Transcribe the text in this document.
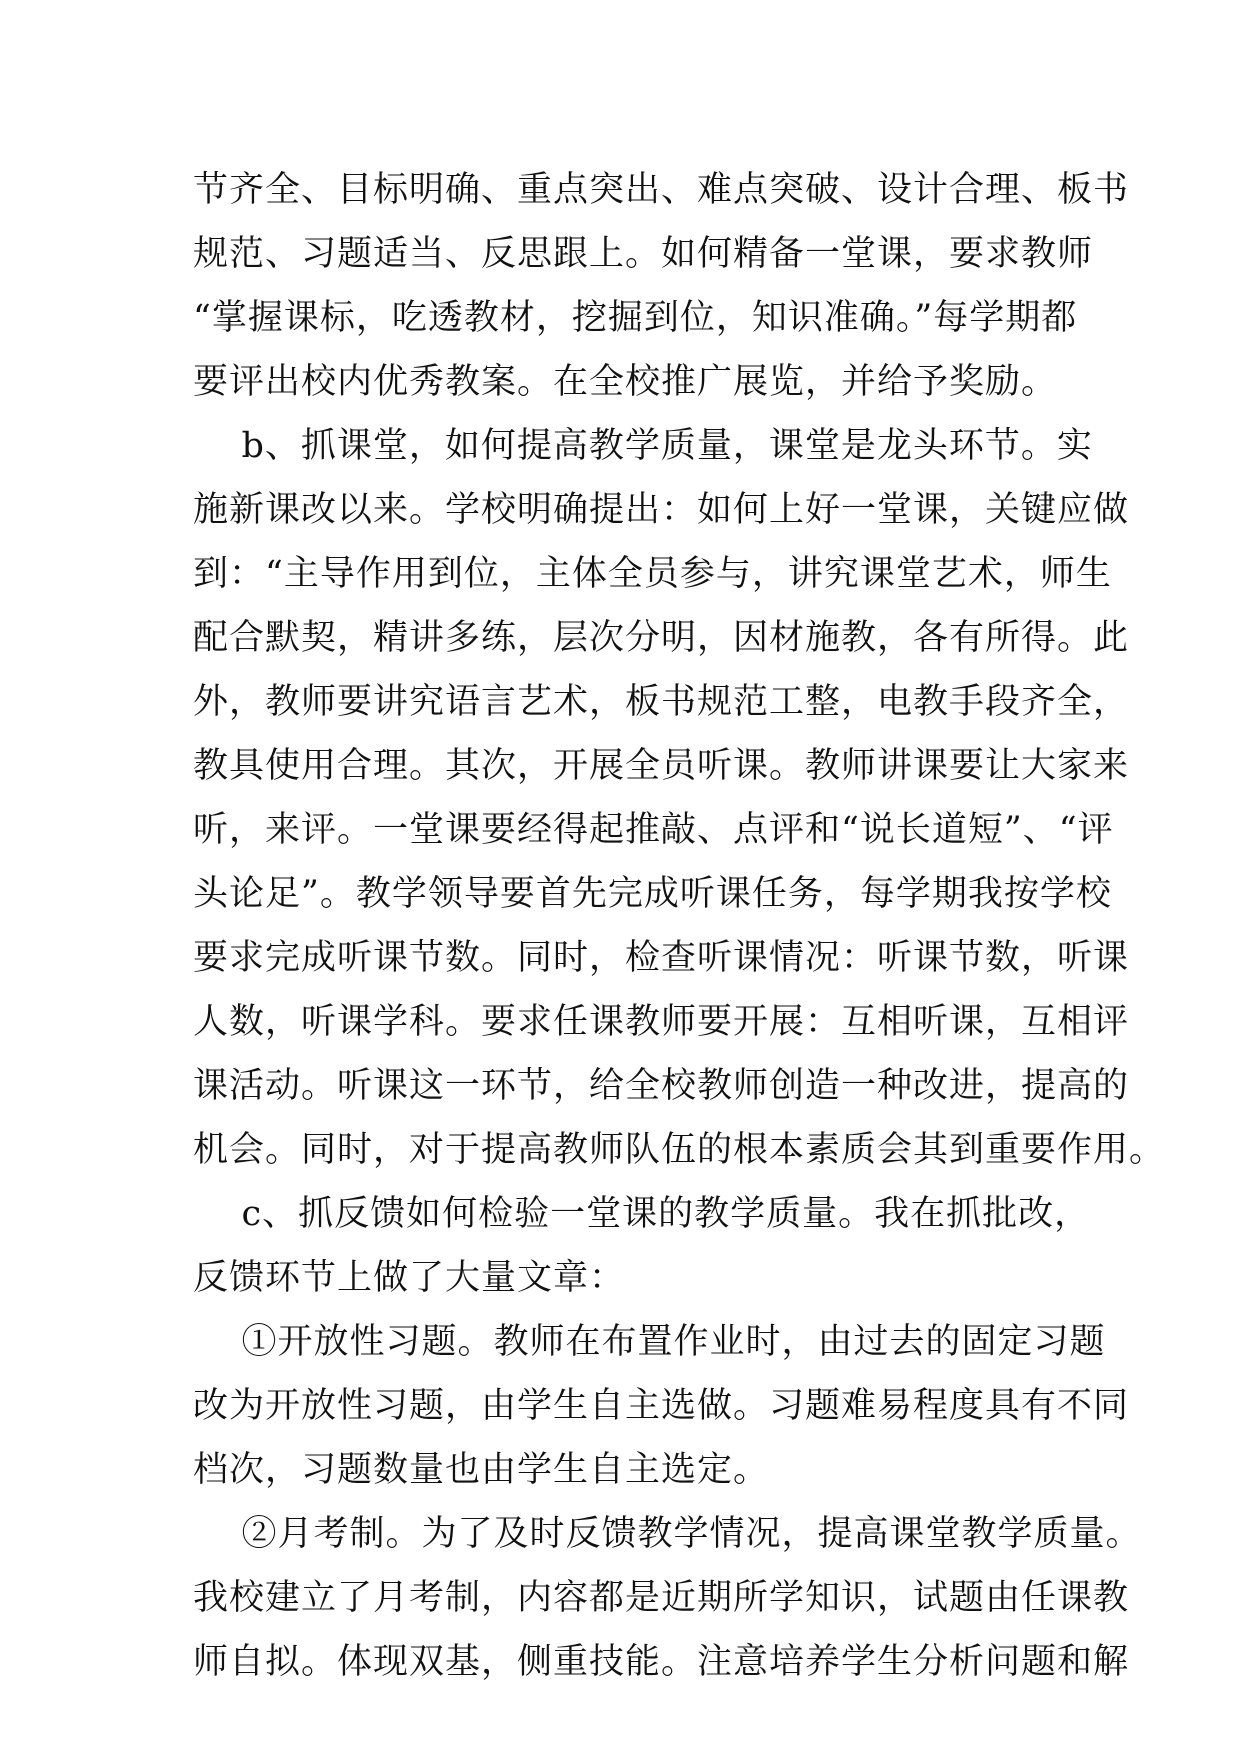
节齐全、目标明确、重点突出、难点突破、设计合理、板书
规范、习题适当、反思跟上。如何精备一堂课，要求教师
“掌握课标，吃透教材，挖掘到位，知识准确。”每学期都
要评出校内优秀教案。在全校推广展览，并给予奖励。
b、抓课堂，如何提高教学质量，课堂是龙头环节。实
施新课改以来。学校明确提出：如何上好一堂课，关键应做
到：“主导作用到位，主体全员参与，讲究课堂艺术，师生
配合默契，精讲多练，层次分明，因材施教，各有所得。此
外，教师要讲究语言艺术，板书规范工整，电教手段齐全，
教具使用合理。其次，开展全员听课。教师讲课要让大家来
听，来评。一堂课要经得起推敲、点评和“说长道短”、“评
头论足”。教学领导要首先完成听课任务，每学期我按学校
要求完成听课节数。同时，检查听课情况：听课节数，听课
人数，听课学科。要求任课教师要开展：互相听课，互相评
课活动。听课这一环节，给全校教师创造一种改进，提高的
机会。同时，对于提高教师队伍的根本素质会其到重要作用。
c、抓反馈如何检验一堂课的教学质量。我在抓批改，
反馈环节上做了大量文章：
①开放性习题。教师在布置作业时，由过去的固定习题
改为开放性习题，由学生自主选做。习题难易程度具有不同
档次，习题数量也由学生自主选定。
②月考制。为了及时反馈教学情况，提高课堂教学质量。
我校建立了月考制，内容都是近期所学知识，试题由任课教
师自拟。体现双基，侧重技能。注意培养学生分析问题和解
